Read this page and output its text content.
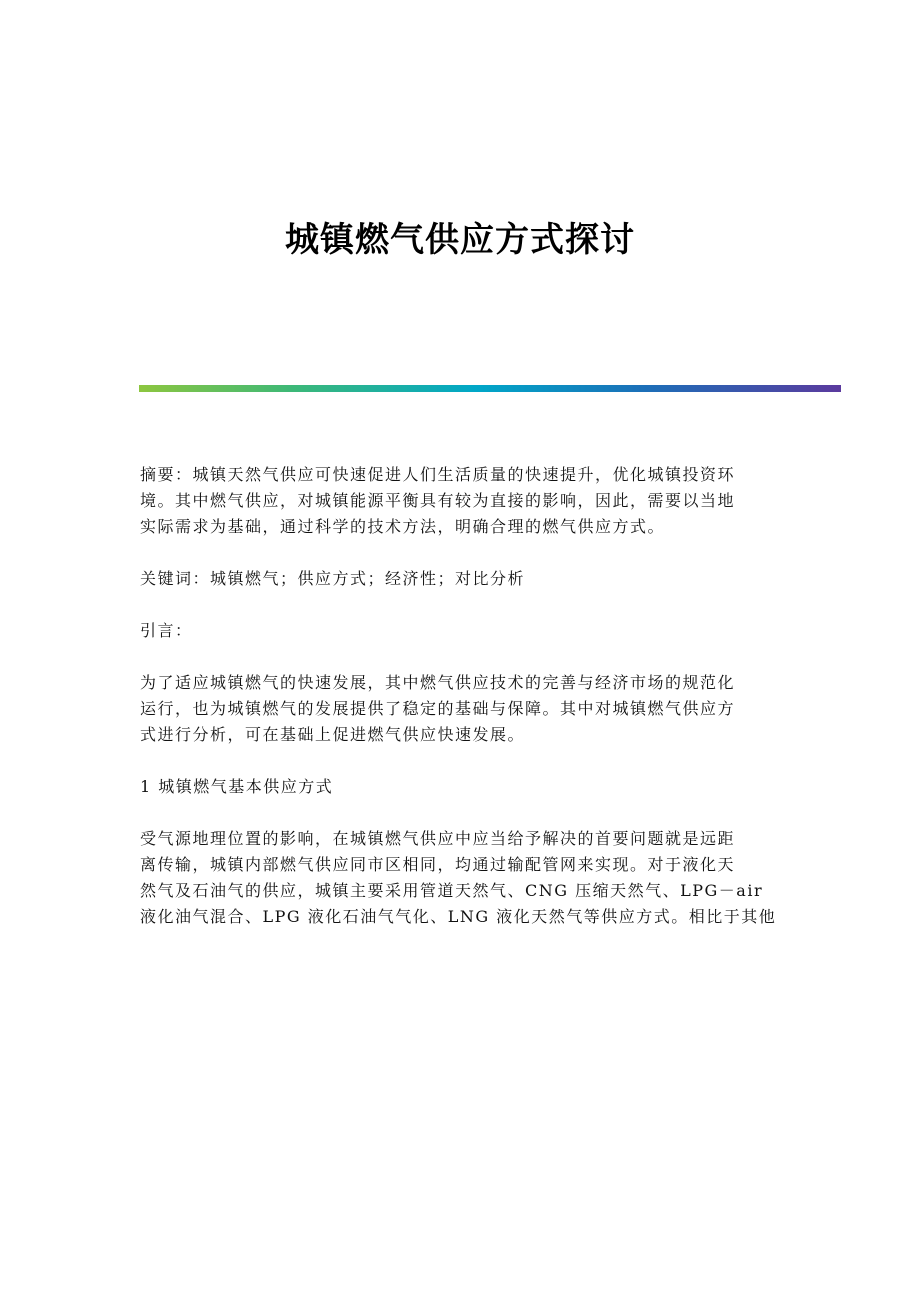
城镇燃气供应方式探讨

摘要：城镇天然气供应可快速促进人们生活质量的快速提升，优化城镇投资环
境。其中燃气供应，对城镇能源平衡具有较为直接的影响，因此，需要以当地
实际需求为基础，通过科学的技术方法，明确合理的燃气供应方式。

关键词：城镇燃气；供应方式；经济性；对比分析

引言：

为了适应城镇燃气的快速发展，其中燃气供应技术的完善与经济市场的规范化
运行，也为城镇燃气的发展提供了稳定的基础与保障。其中对城镇燃气供应方
式进行分析，可在基础上促进燃气供应快速发展。

1 城镇燃气基本供应方式

受气源地理位置的影响，在城镇燃气供应中应当给予解决的首要问题就是远距
离传输，城镇内部燃气供应同市区相同，均通过输配管网来实现。对于液化天
然气及石油气的供应，城镇主要采用管道天然气、CNG 压缩天然气、LPG－air
液化油气混合、LPG 液化石油气气化、LNG 液化天然气等供应方式。相比于其他
